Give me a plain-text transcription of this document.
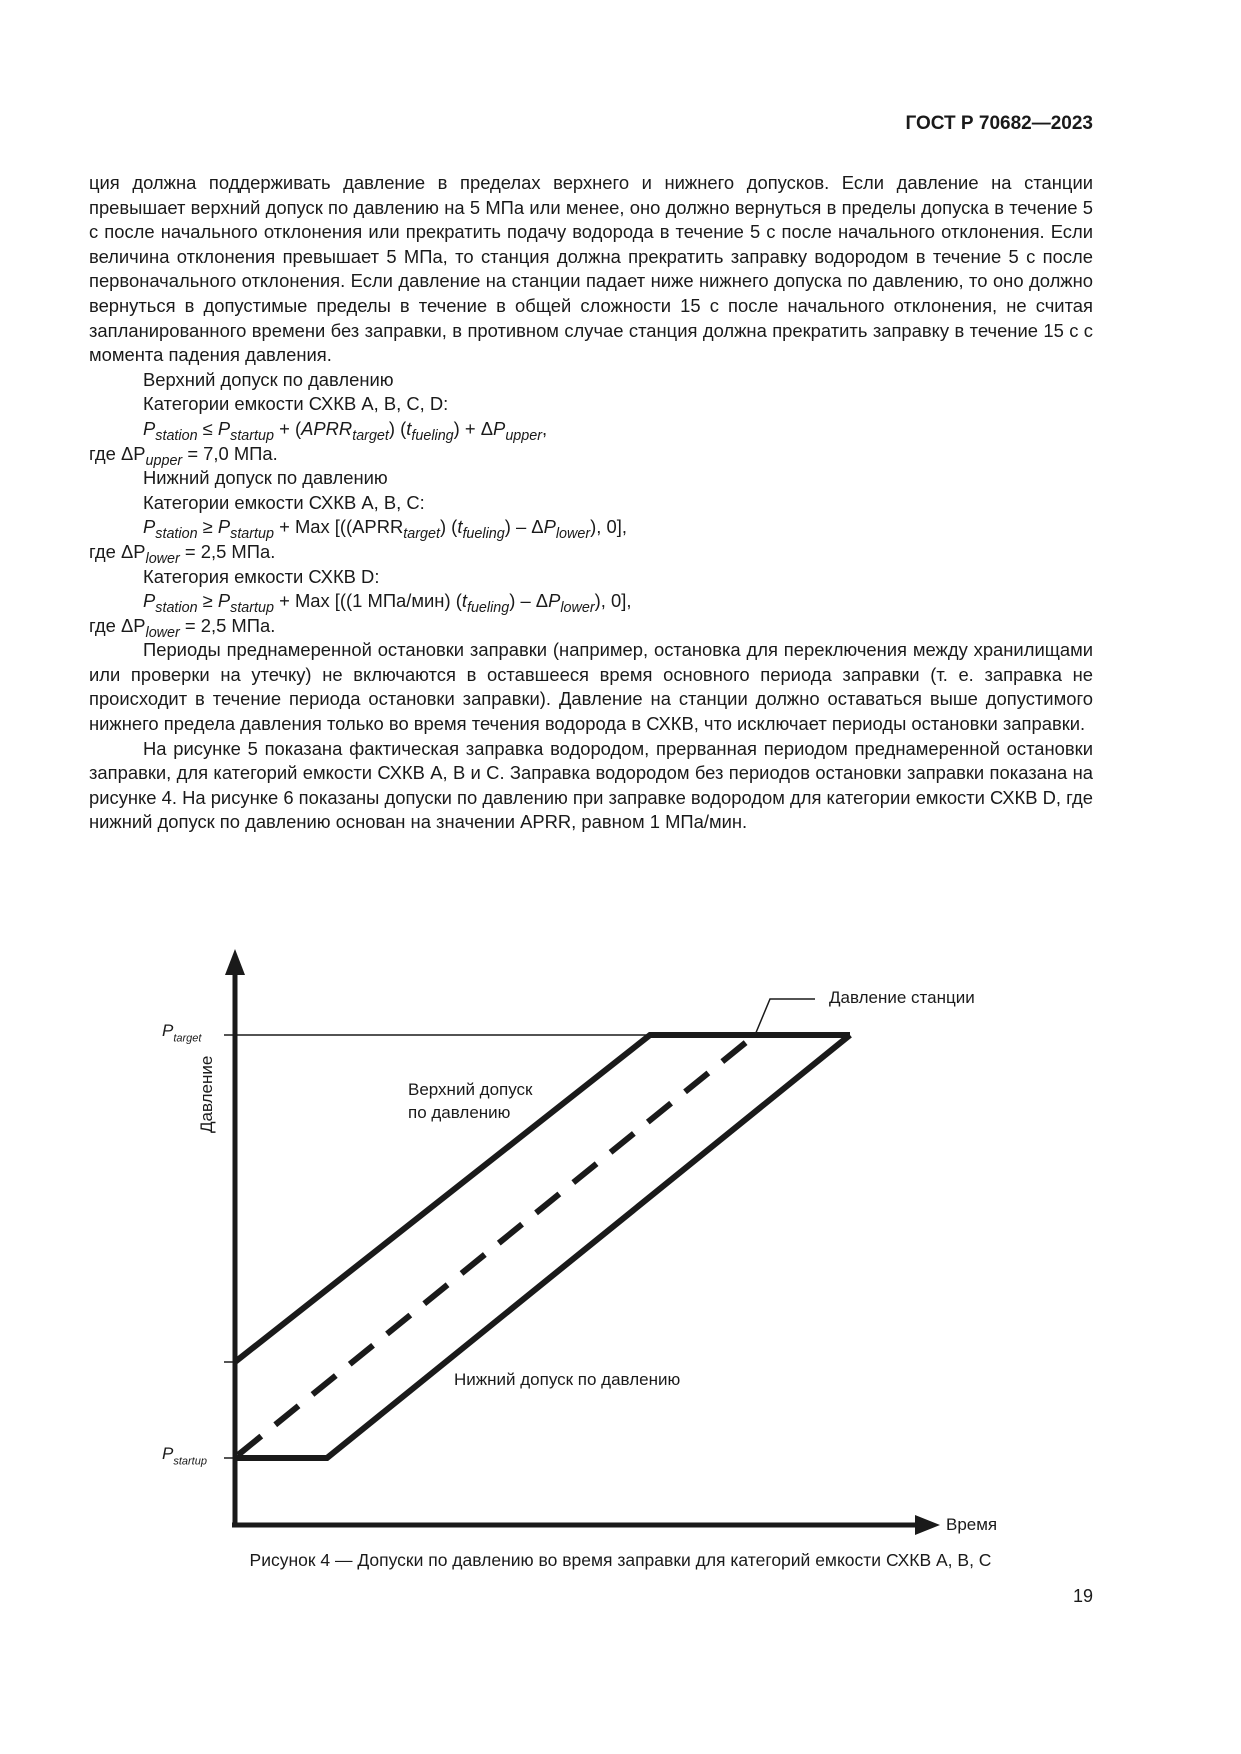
ГОСТ Р 70682—2023

ция должна поддерживать давление в пределах верхнего и нижнего допусков. Если давление на станции превышает верхний допуск по давлению на 5 МПа или менее, оно должно вернуться в пределы допуска в течение 5 с после начального отклонения или прекратить подачу водорода в течение 5 с после начального отклонения. Если величина отклонения превышает 5 МПа, то станция должна прекратить заправку водородом в течение 5 с после первоначального отклонения. Если давление на станции падает ниже нижнего допуска по давлению, то оно должно вернуться в допустимые пределы в течение в общей сложности 15 с после начального отклонения, не считая запланированного времени без заправки, в противном случае станция должна прекратить заправку в течение 15 с с момента падения давления.

Верхний допуск по давлению

Категории емкости СХКВ А, В, С, D:

$P_{station} \le P_{startup}$ + $(APRR_{target}) (t_{fueling}) + \Delta P_{upper}$,

где $\Delta P_{upper} = 7,0$ МПа.

Нижний допуск по давлению

Категории емкости СХКВ А, В, С:

$P_{station} \ge P_{startup}$ + Max [($(APRR_{target})$ $(t_{fueling}) - \Delta P_{lower}$), 0],

где $\Delta P_{lower} = 2,5$ МПа.

Категория емкости СХКВ D:

$P_{station} \ge P_{startup}$ + Max [((1 МПа/мин) $(t_{fueling}) - \Delta P_{lower}$), 0],

где $\Delta P_{lower} = 2,5$ МПа.

Периоды преднамеренной остановки заправки (например, остановка для переключения между хранилищами или проверки на утечку) не включаются в оставшееся время основного периода заправки (т. е. заправка не происходит в течение периода остановки заправки). Давление на станции должно оставаться выше допустимого нижнего предела давления только во время течения водорода в СХКВ, что исключает периоды остановки заправки.

На рисунке 5 показана фактическая заправка водородом, прерванная периодом преднамеренной остановки заправки, для категорий емкости СХКВ А, В и С. Заправка водородом без периодов остановки заправки показана на рисунке 4. На рисунке 6 показаны допуски по давлению при заправке водородом для категории емкости СХКВ D, где нижний допуск по давлению основан на значении APRR, равном 1 МПа/мин.

$P_{target}$
$P_{startup}$
Давление
Время
Давление станции
Верхний допуск
по давлению
Нижний допуск по давлению
Рисунок 4 — Допуски по давлению во время заправки для категорий емкости СХКВ А, В, С
19
